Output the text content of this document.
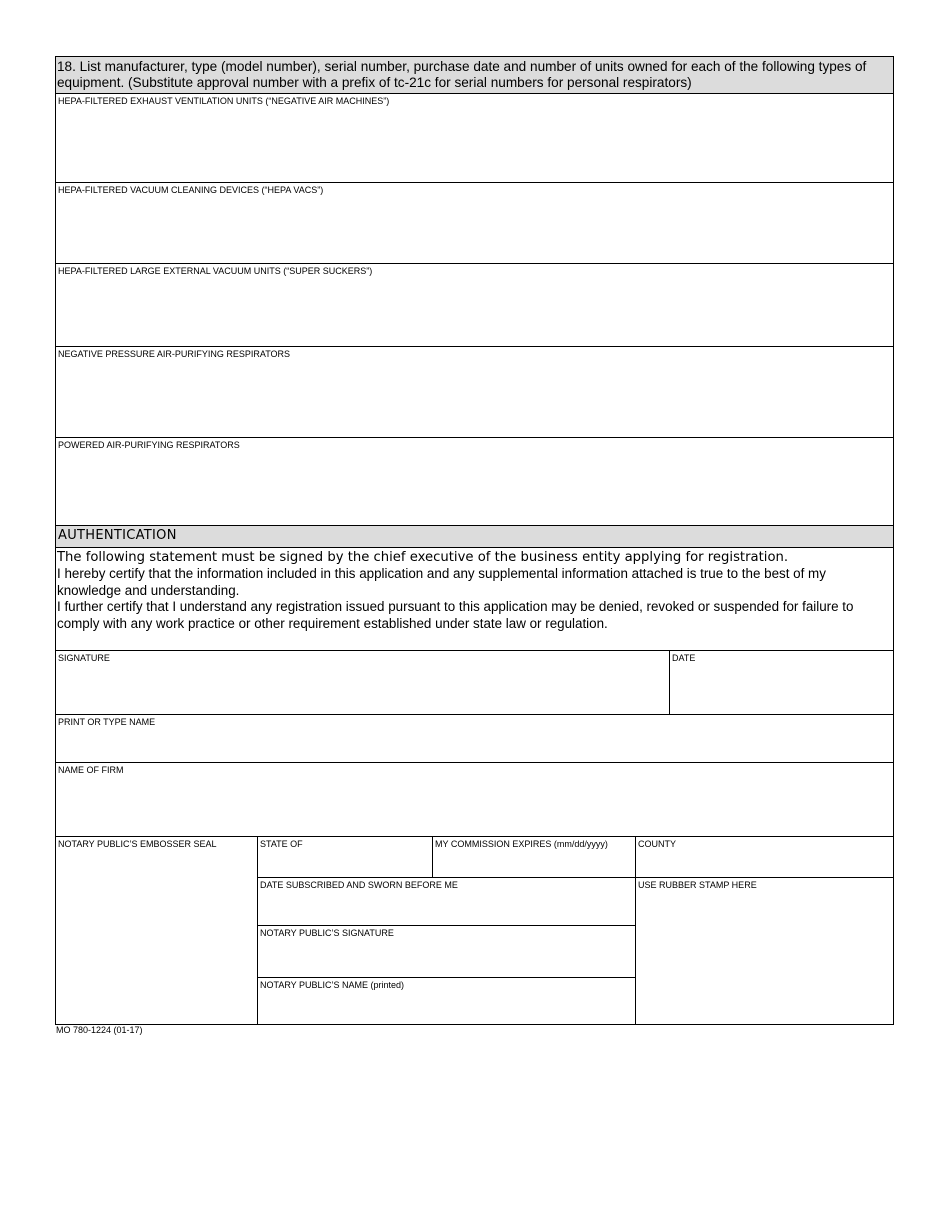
18. List manufacturer, type (model number), serial number, purchase date and number of units owned for each of the following types of equipment. (Substitute approval number with a prefix of tc-21c for serial numbers for personal respirators)
HEPA-FILTERED EXHAUST VENTILATION UNITS (“NEGATIVE AIR MACHINES”)
HEPA-FILTERED VACUUM CLEANING DEVICES (“HEPA VACS”)
HEPA-FILTERED LARGE EXTERNAL VACUUM UNITS (“SUPER SUCKERS”)
NEGATIVE PRESSURE AIR-PURIFYING RESPIRATORS
POWERED AIR-PURIFYING RESPIRATORS
AUTHENTICATION
The following statement must be signed by the chief executive of the business entity applying for registration.
I hereby certify that the information included in this application and any supplemental information attached is true to the best of my knowledge and understanding.
I further certify that I understand any registration issued pursuant to this application may be denied, revoked or suspended for failure to comply with any work practice or other requirement established under state law or regulation.
SIGNATURE	DATE
PRINT OR TYPE NAME
NAME OF FIRM
NOTARY PUBLIC’S EMBOSSER SEAL	STATE OF	MY COMMISSION EXPIRES (mm/dd/yyyy)	COUNTY
DATE SUBSCRIBED AND SWORN BEFORE ME	USE RUBBER STAMP HERE
NOTARY PUBLIC’S SIGNATURE
NOTARY PUBLIC’S NAME (printed)
MO 780-1224 (01-17)
